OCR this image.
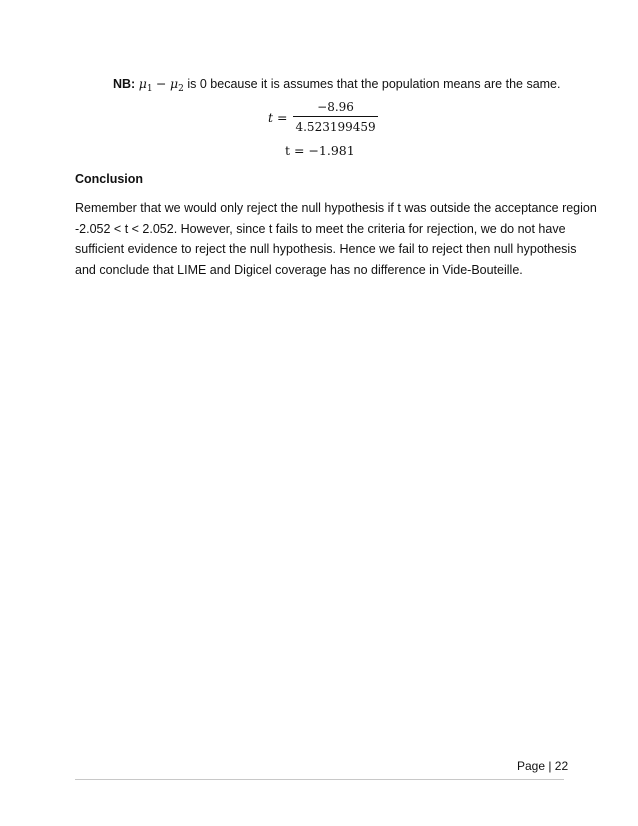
NB: $\mu_1 - \mu_2$ is 0 because it is assumes that the population means are the same.
$t = \frac{-8.96}{4.523199459}$
t = −1.981
Conclusion
Remember that we would only reject the null hypothesis if t was outside the acceptance region
-2.052 < t < 2.052. However, since t fails to meet the criteria for rejection, we do not have
sufficient evidence to reject the null hypothesis. Hence we fail to reject then null hypothesis
and conclude that LIME and Digicel coverage has no difference in Vide-Bouteille.
Page | 22
